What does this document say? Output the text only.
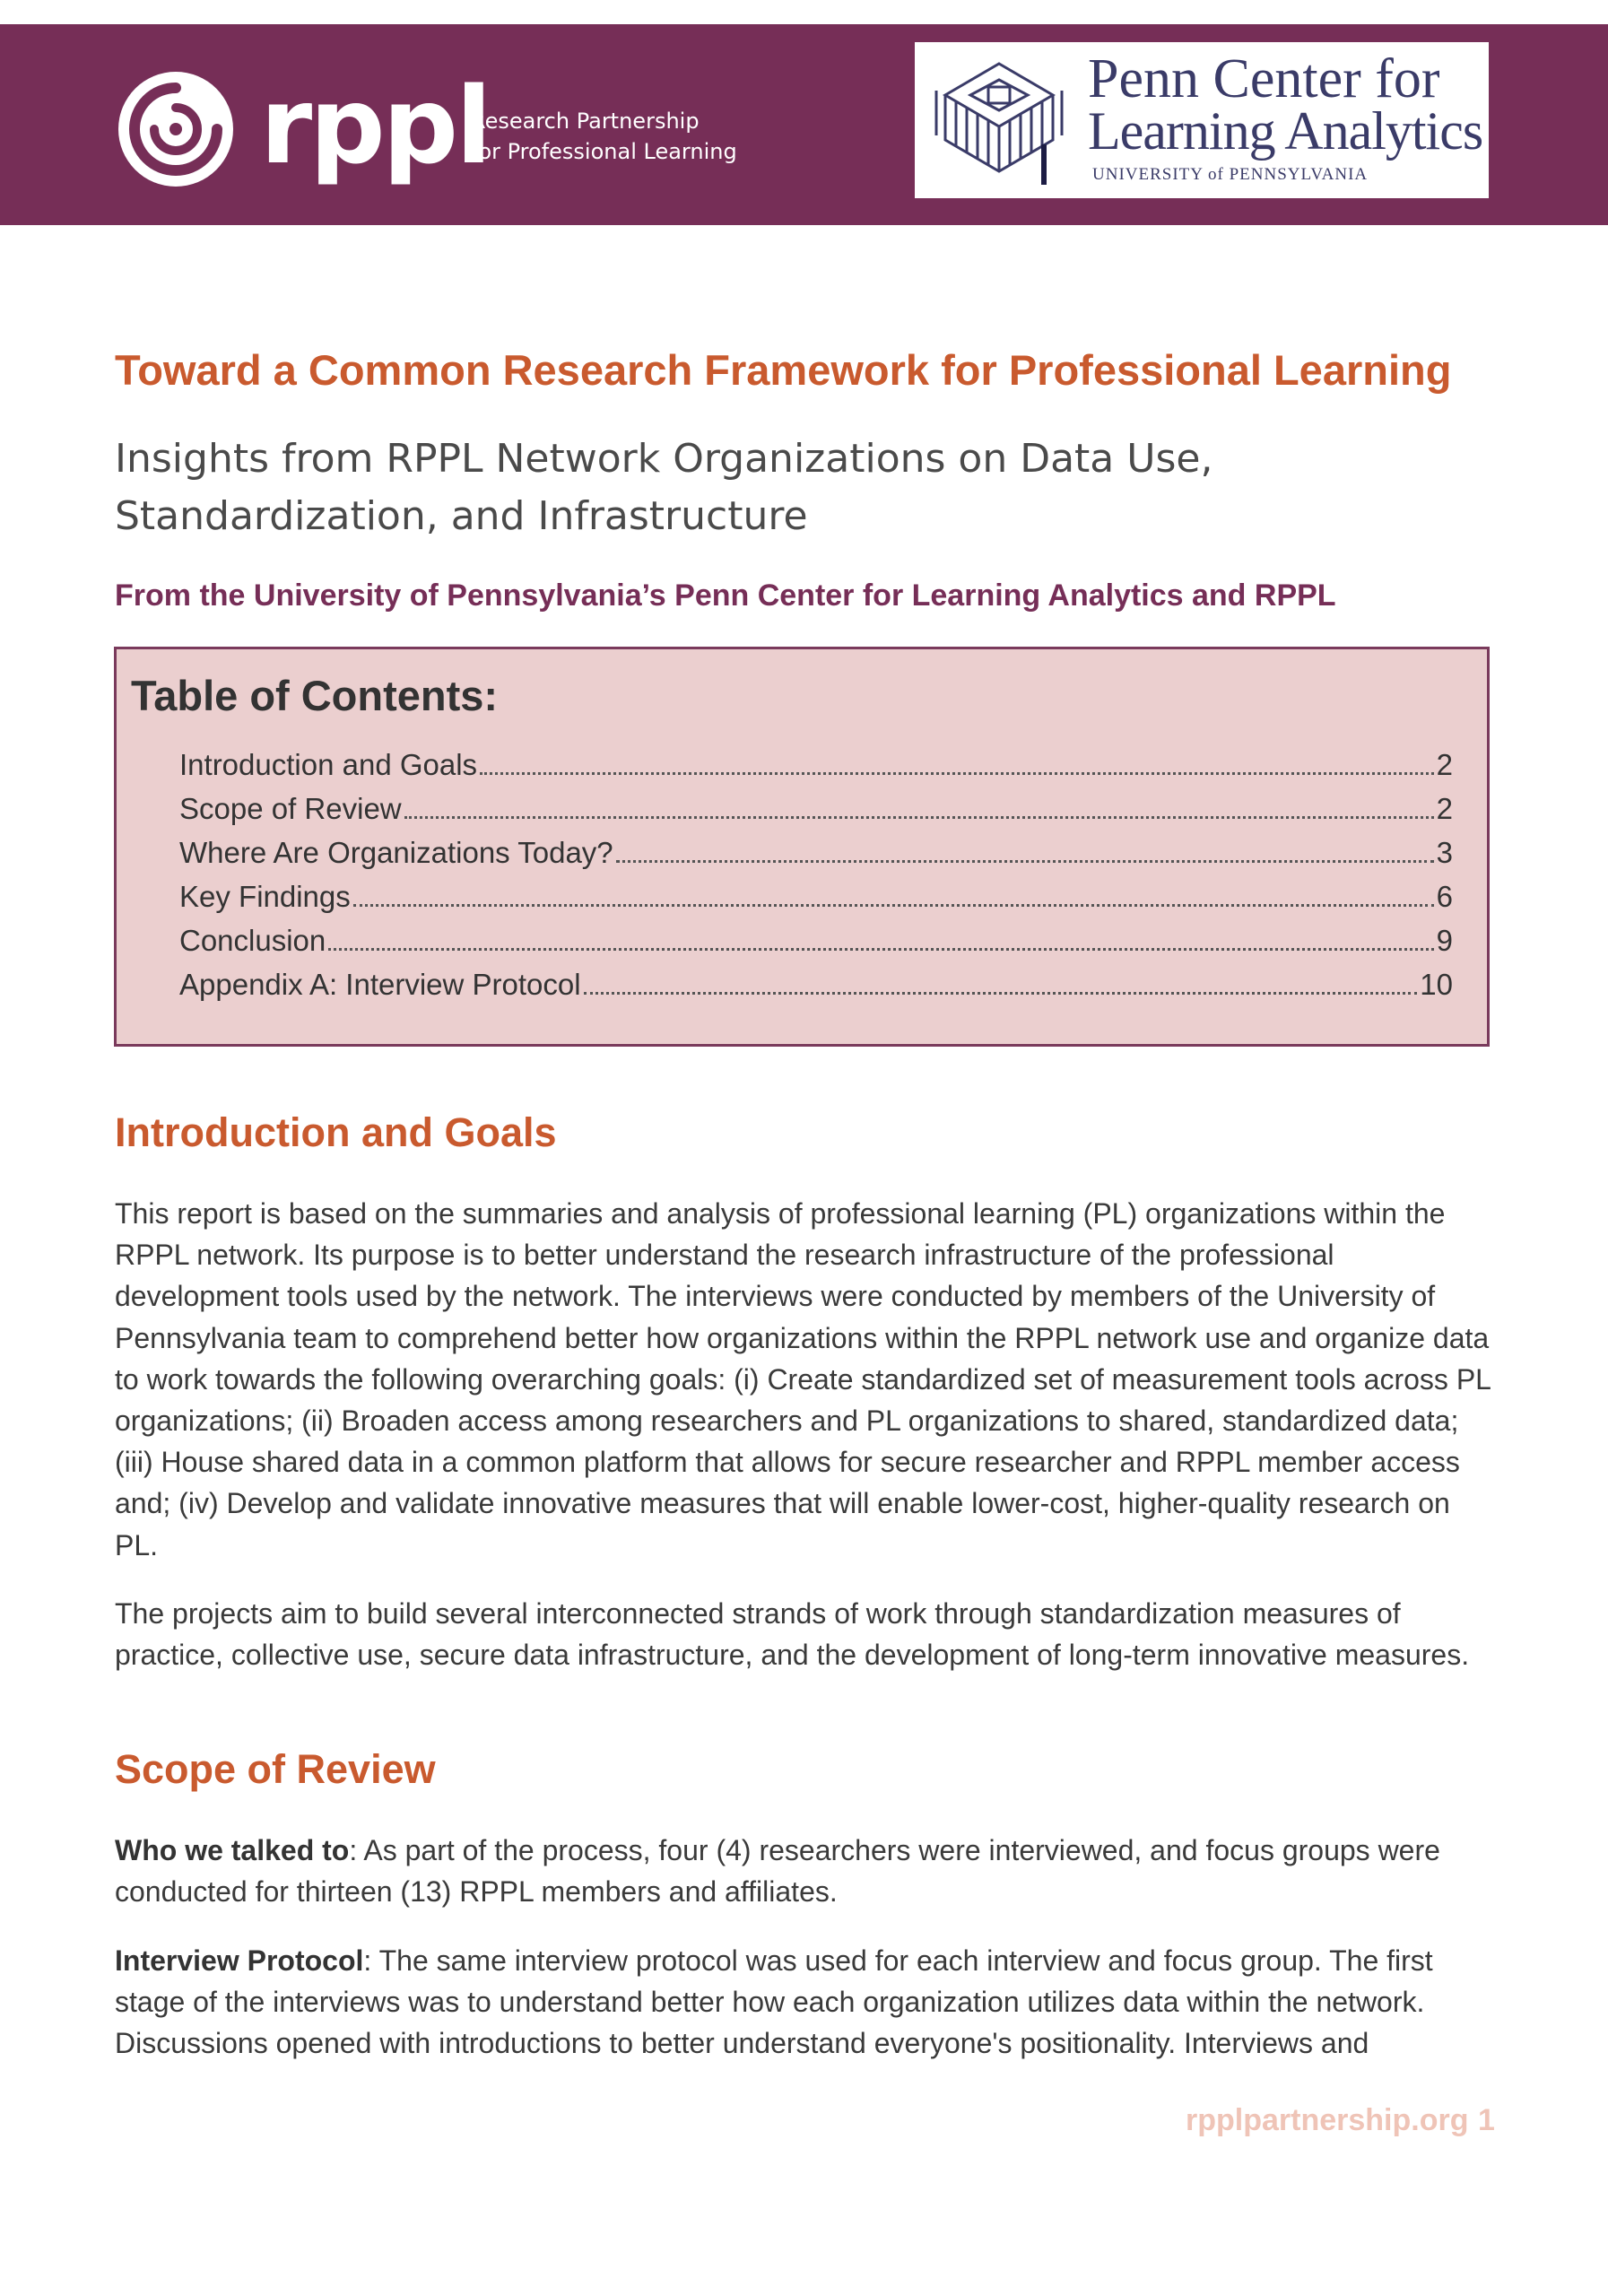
rppl
Research Partnership
for Professional Learning
Penn Center for
Learning Analytics
UNIVERSITY of PENNSYLVANIA
Toward a Common Research Framework for Professional Learning
Insights from RPPL Network Organizations on Data Use, Standardization, and Infrastructure
From the University of Pennsylvania’s Penn Center for Learning Analytics and RPPL
Table of Contents:
Introduction and Goals	2
Scope of Review	2
Where Are Organizations Today?	3
Key Findings	6
Conclusion	9
Appendix A: Interview Protocol	10
Introduction and Goals
This report is based on the summaries and analysis of professional learning (PL) organizations within the RPPL network. Its purpose is to better understand the research infrastructure of the professional development tools used by the network. The interviews were conducted by members of the University of Pennsylvania team to comprehend better how organizations within the RPPL network use and organize data to work towards the following overarching goals: (i) Create standardized set of measurement tools across PL organizations; (ii) Broaden access among researchers and PL organizations to shared, standardized data; (iii) House shared data in a common platform that allows for secure researcher and RPPL member access and; (iv) Develop and validate innovative measures that will enable lower-cost, higher-quality research on PL.
The projects aim to build several interconnected strands of work through standardization measures of practice, collective use, secure data infrastructure, and the development of long-term innovative measures.
Scope of Review
Who we talked to: As part of the process, four (4) researchers were interviewed, and focus groups were conducted for thirteen (13) RPPL members and affiliates.
Interview Protocol: The same interview protocol was used for each interview and focus group. The first stage of the interviews was to understand better how each organization utilizes data within the network. Discussions opened with introductions to better understand everyone's positionality. Interviews and
rpplpartnership.org 1
